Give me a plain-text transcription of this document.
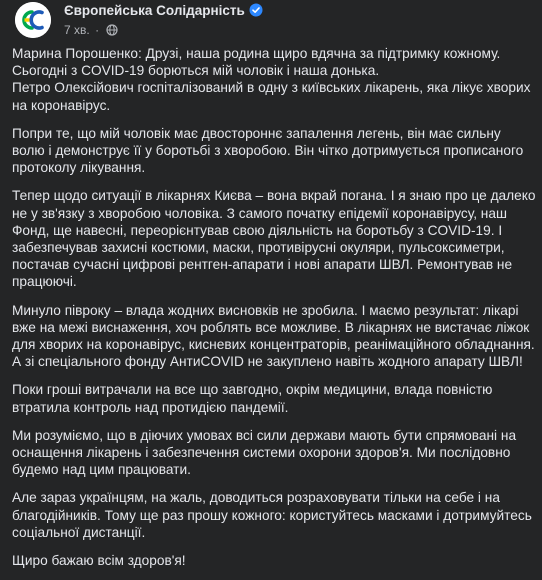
Європейська Солідарність
7 хв. ·

Марина Порошенко: Друзі, наша родина щиро вдячна за підтримку кожному. Сьогодні з COVID-19 борються мій чоловік і наша донька.
Петро Олексійович госпіталізований в одну з київських лікарень, яка лікує хворих на коронавірус.

Попри те, що мій чоловік має двостороннє запалення легень, він має сильну волю і демонструє її у боротьбі з хворобою. Він чітко дотримується прописаного протоколу лікування.

Тепер щодо ситуації в лікарнях Києва – вона вкрай погана. І я знаю про це далеко не у зв'язку з хворобою чоловіка. З самого початку епідемії коронавірусу, наш Фонд, ще навесні, переорієнтував свою діяльність на боротьбу з COVID-19. І забезпечував захисні костюми, маски, противірусні окуляри, пульсоксиметри, постачав сучасні цифрові рентген-апарати і нові апарати ШВЛ. Ремонтував не працюючі.

Минуло півроку – влада жодних висновків не зробила. І маємо результат: лікарі вже на межі виснаження, хоч роблять все можливе. В лікарнях не вистачає ліжок для хворих на коронавірус, кисневих концентраторів, реанімаційного обладнання. А зі спеціального фонду АнтиCOVID не закуплено навіть жодного апарату ШВЛ!

Поки гроші витрачали на все що завгодно, окрім медицини, влада повністю втратила контроль над протидією пандемії.

Ми розуміємо, що в діючих умовах всі сили держави мають бути спрямовані на оснащення лікарень і забезпечення системи охорони здоров'я. Ми послідовно будемо над цим працювати.

Але зараз українцям, на жаль, доводиться розраховувати тільки на себе і на благодійників. Тому ще раз прошу кожного: користуйтесь масками і дотримуйтесь соціальної дистанції.

Щиро бажаю всім здоров'я!
